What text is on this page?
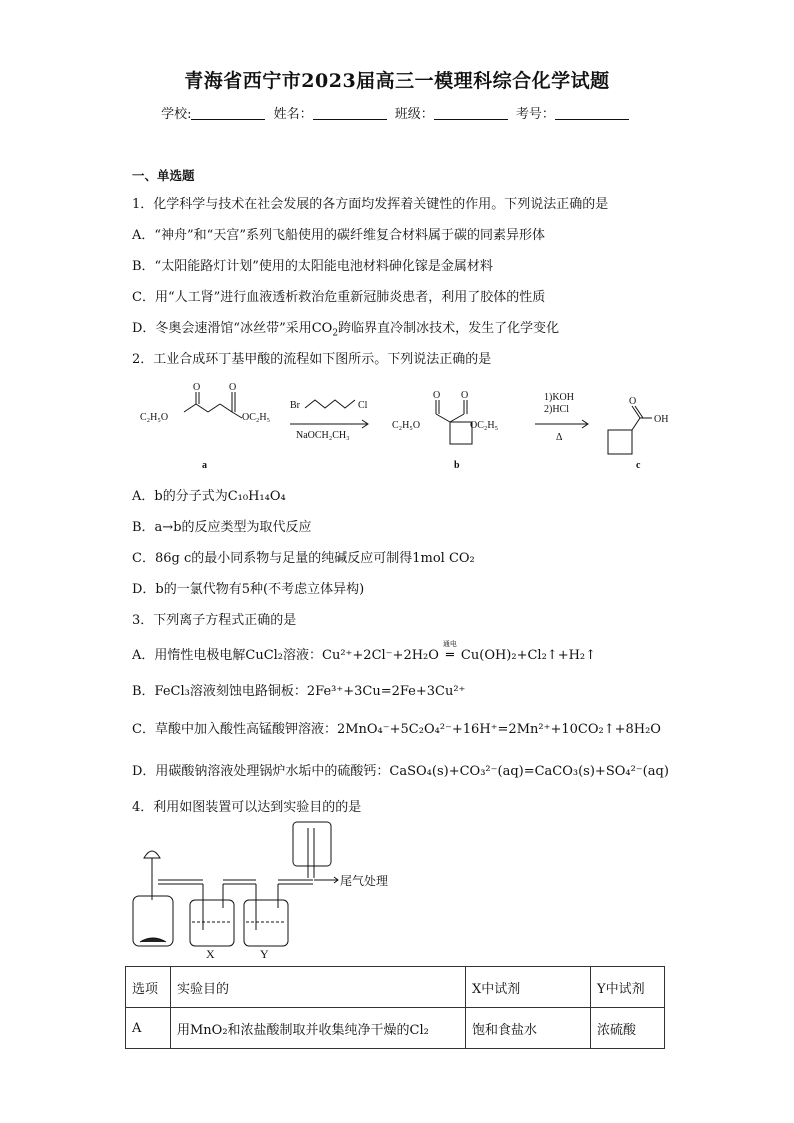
青海省西宁市2023届高三一模理科综合化学试题
学校:	姓名：	班级：	考号：
一、单选题
1．化学科学与技术在社会发展的各方面均发挥着关键性的作用。下列说法正确的是
A．“神舟”和“天宫”系列飞船使用的碳纤维复合材料属于碳的同素异形体
B．“太阳能路灯计划”使用的太阳能电池材料砷化镓是金属材料
C．用“人工肾”进行血液透析救治危重新冠肺炎患者，利用了胶体的性质
D．冬奥会速滑馆“冰丝带”采用$CO_2$跨临界直冷制冰技术，发生了化学变化
2．工业合成环丁基甲酸的流程如下图所示。下列说法正确的是
C₂H₅O	OC₂H₅
O	O
Br	Cl
NaOCH₂CH₃
C₂H₅O	OC₂H₅
O O	1)KOH
2)HCl
Δ
O
OH
a	b	c
A．b的分子式为C₁₀H₁₄O₄
B．a→b的反应类型为取代反应
C．86g c的最小同系物与足量的纯碱反应可制得1mol CO₂
D．b的一氯代物有5种(不考虑立体异构)
3．下列离子方程式正确的是
A．用惰性电极电解CuCl₂溶液：Cu²⁺+2Cl⁻+2H₂O
通电
═ Cu(OH)₂+Cl₂↑+H₂↑
B．FeCl₃溶液刻蚀电路铜板：2Fe³⁺+3Cu=2Fe+3Cu²⁺
C．草酸中加入酸性高锰酸钾溶液：2MnO₄⁻+5C₂O₄²⁻+16H⁺=2Mn²⁺+10CO₂↑+8H₂O
D．用碳酸钠溶液处理锅炉水垢中的硫酸钙：CaSO₄(s)+CO₃²⁻(aq)=CaCO₃(s)+SO₄²⁻(aq)
4．利用如图装置可以达到实验目的的是
X	Y
尾气处理
选项	实验目的	X中试剂	Y中试剂
A	用MnO₂和浓盐酸制取并收集纯净干燥的Cl₂	饱和食盐水	浓硫酸
